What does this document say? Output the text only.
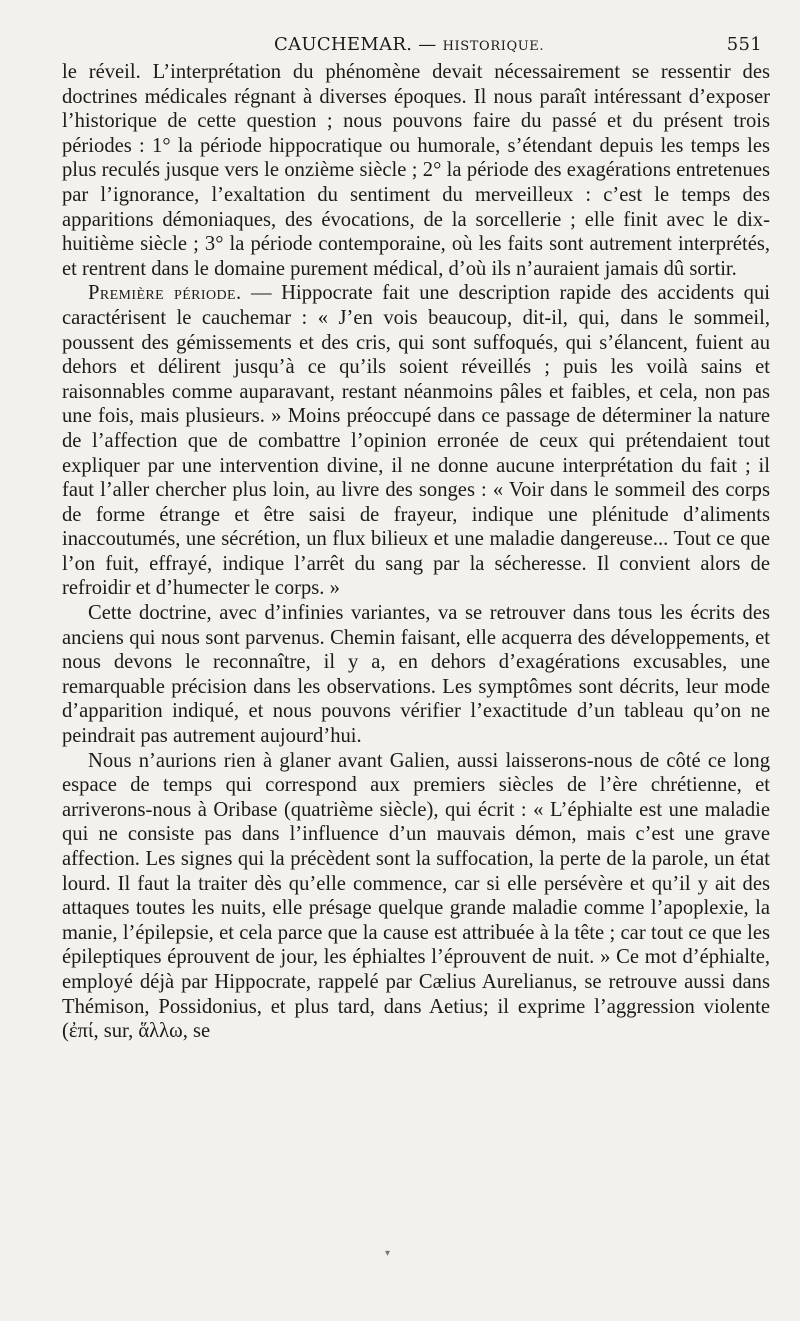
CAUCHEMAR. — HISTORIQUE.	551

le réveil. L’interprétation du phénomène devait nécessairement se ressentir des doctrines médicales régnant à diverses époques. Il nous paraît intéressant d’exposer l’historique de cette question ; nous pouvons faire du passé et du présent trois périodes : 1° la période hippocratique ou humorale, s’étendant depuis les temps les plus reculés jusque vers le onzième siècle ; 2° la période des exagérations entretenues par l’ignorance, l’exaltation du sentiment du merveilleux : c’est le temps des apparitions démoniaques, des évocations, de la sorcellerie ; elle finit avec le dix-huitième siècle ; 3° la période contemporaine, où les faits sont autrement interprétés, et rentrent dans le domaine purement médical, d’où ils n’auraient jamais dû sortir.

Première période. — Hippocrate fait une description rapide des accidents qui caractérisent le cauchemar : « J’en vois beaucoup, dit-il, qui, dans le sommeil, poussent des gémissements et des cris, qui sont suffoqués, qui s’élancent, fuient au dehors et délirent jusqu’à ce qu’ils soient réveillés ; puis les voilà sains et raisonnables comme auparavant, restant néanmoins pâles et faibles, et cela, non pas une fois, mais plusieurs. » Moins préoccupé dans ce passage de déterminer la nature de l’affection que de combattre l’opinion erronée de ceux qui prétendaient tout expliquer par une intervention divine, il ne donne aucune interprétation du fait ; il faut l’aller chercher plus loin, au livre des songes : « Voir dans le sommeil des corps de forme étrange et être saisi de frayeur, indique une plénitude d’aliments inaccoutumés, une sécrétion, un flux bilieux et une maladie dangereuse... Tout ce que l’on fuit, effrayé, indique l’arrêt du sang par la sécheresse. Il convient alors de refroidir et d’humecter le corps. »

Cette doctrine, avec d’infinies variantes, va se retrouver dans tous les écrits des anciens qui nous sont parvenus. Chemin faisant, elle acquerra des développements, et nous devons le reconnaître, il y a, en dehors d’exagérations excusables, une remarquable précision dans les observations. Les symptômes sont décrits, leur mode d’apparition indiqué, et nous pouvons vérifier l’exactitude d’un tableau qu’on ne peindrait pas autrement aujourd’hui.

Nous n’aurions rien à glaner avant Galien, aussi laisserons-nous de côté ce long espace de temps qui correspond aux premiers siècles de l’ère chrétienne, et arriverons-nous à Oribase (quatrième siècle), qui écrit : « L’éphialte est une maladie qui ne consiste pas dans l’influence d’un mauvais démon, mais c’est une grave affection. Les signes qui la précèdent sont la suffocation, la perte de la parole, un état lourd. Il faut la traiter dès qu’elle commence, car si elle persévère et qu’il y ait des attaques toutes les nuits, elle présage quelque grande maladie comme l’apoplexie, la manie, l’épilepsie, et cela parce que la cause est attribuée à la tête ; car tout ce que les épileptiques éprouvent de jour, les éphialtes l’éprouvent de nuit. » Ce mot d’éphialte, employé déjà par Hippocrate, rappelé par Cælius Aurelianus, se retrouve aussi dans Thémison, Possidonius, et plus tard, dans Aetius; il exprime l’aggression violente (ἐπί, sur, ἅλλω, se

▾
